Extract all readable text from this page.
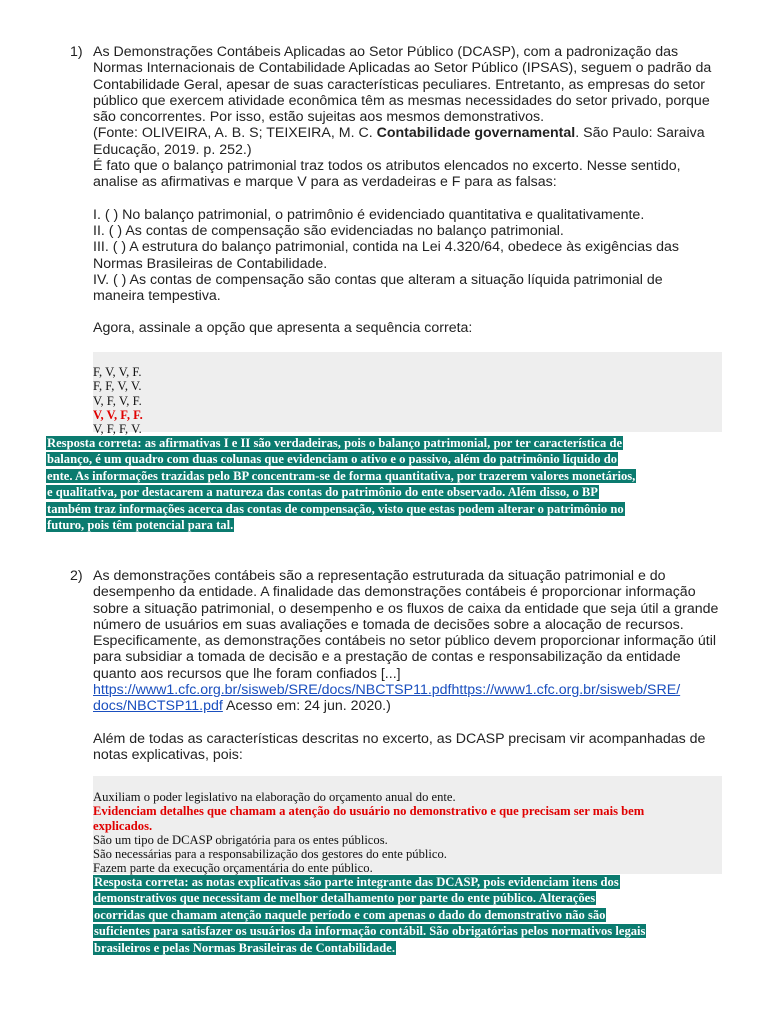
1) As Demonstrações Contábeis Aplicadas ao Setor Público (DCASP), com a padronização das
Normas Internacionais de Contabilidade Aplicadas ao Setor Público (IPSAS), seguem o padrão da
Contabilidade Geral, apesar de suas características peculiares. Entretanto, as empresas do setor
público que exercem atividade econômica têm as mesmas necessidades do setor privado, porque
são concorrentes. Por isso, estão sujeitas aos mesmos demonstrativos.
(Fonte: OLIVEIRA, A. B. S; TEIXEIRA, M. C. Contabilidade governamental. São Paulo: Saraiva
Educação, 2019. p. 252.)
É fato que o balanço patrimonial traz todos os atributos elencados no excerto. Nesse sentido,
analise as afirmativas e marque V para as verdadeiras e F para as falsas:
I. ( ) No balanço patrimonial, o patrimônio é evidenciado quantitativa e qualitativamente.
II. ( ) As contas de compensação são evidenciadas no balanço patrimonial.
III. ( ) A estrutura do balanço patrimonial, contida na Lei 4.320/64, obedece às exigências das
Normas Brasileiras de Contabilidade.
IV. ( ) As contas de compensação são contas que alteram a situação líquida patrimonial de
maneira tempestiva.
Agora, assinale a opção que apresenta a sequência correta:
F, V, V, F.
F, F, V, V.
V, F, V, F.
V, V, F, F.
V, F, F, V.
Resposta correta: as afirmativas I e II são verdadeiras, pois o balanço patrimonial, por ter característica de
balanço, é um quadro com duas colunas que evidenciam o ativo e o passivo, além do patrimônio líquido do
ente. As informações trazidas pelo BP concentram-se de forma quantitativa, por trazerem valores monetários,
e qualitativa, por destacarem a natureza das contas do patrimônio do ente observado. Além disso, o BP
também traz informações acerca das contas de compensação, visto que estas podem alterar o patrimônio no
futuro, pois têm potencial para tal.
2) As demonstrações contábeis são a representação estruturada da situação patrimonial e do
desempenho da entidade. A finalidade das demonstrações contábeis é proporcionar informação
sobre a situação patrimonial, o desempenho e os fluxos de caixa da entidade que seja útil a grande
número de usuários em suas avaliações e tomada de decisões sobre a alocação de recursos.
Especificamente, as demonstrações contábeis no setor público devem proporcionar informação útil
para subsidiar a tomada de decisão e a prestação de contas e responsabilização da entidade
quanto aos recursos que lhe foram confiados [...]
https://www1.cfc.org.br/sisweb/SRE/docs/NBCTSP11.pdfhttps://www1.cfc.org.br/sisweb/SRE/
docs/NBCTSP11.pdf Acesso em: 24 jun. 2020.)
Além de todas as características descritas no excerto, as DCASP precisam vir acompanhadas de
notas explicativas, pois:
Auxiliam o poder legislativo na elaboração do orçamento anual do ente.
Evidenciam detalhes que chamam a atenção do usuário no demonstrativo e que precisam ser mais bem
explicados.
São um tipo de DCASP obrigatória para os entes públicos.
São necessárias para a responsabilização dos gestores do ente público.
Fazem parte da execução orçamentária do ente público.
Resposta correta: as notas explicativas são parte integrante das DCASP, pois evidenciam itens dos
demonstrativos que necessitam de melhor detalhamento por parte do ente público. Alterações
ocorridas que chamam atenção naquele período e com apenas o dado do demonstrativo não são
suficientes para satisfazer os usuários da informação contábil. São obrigatórias pelos normativos legais
brasileiros e pelas Normas Brasileiras de Contabilidade.
